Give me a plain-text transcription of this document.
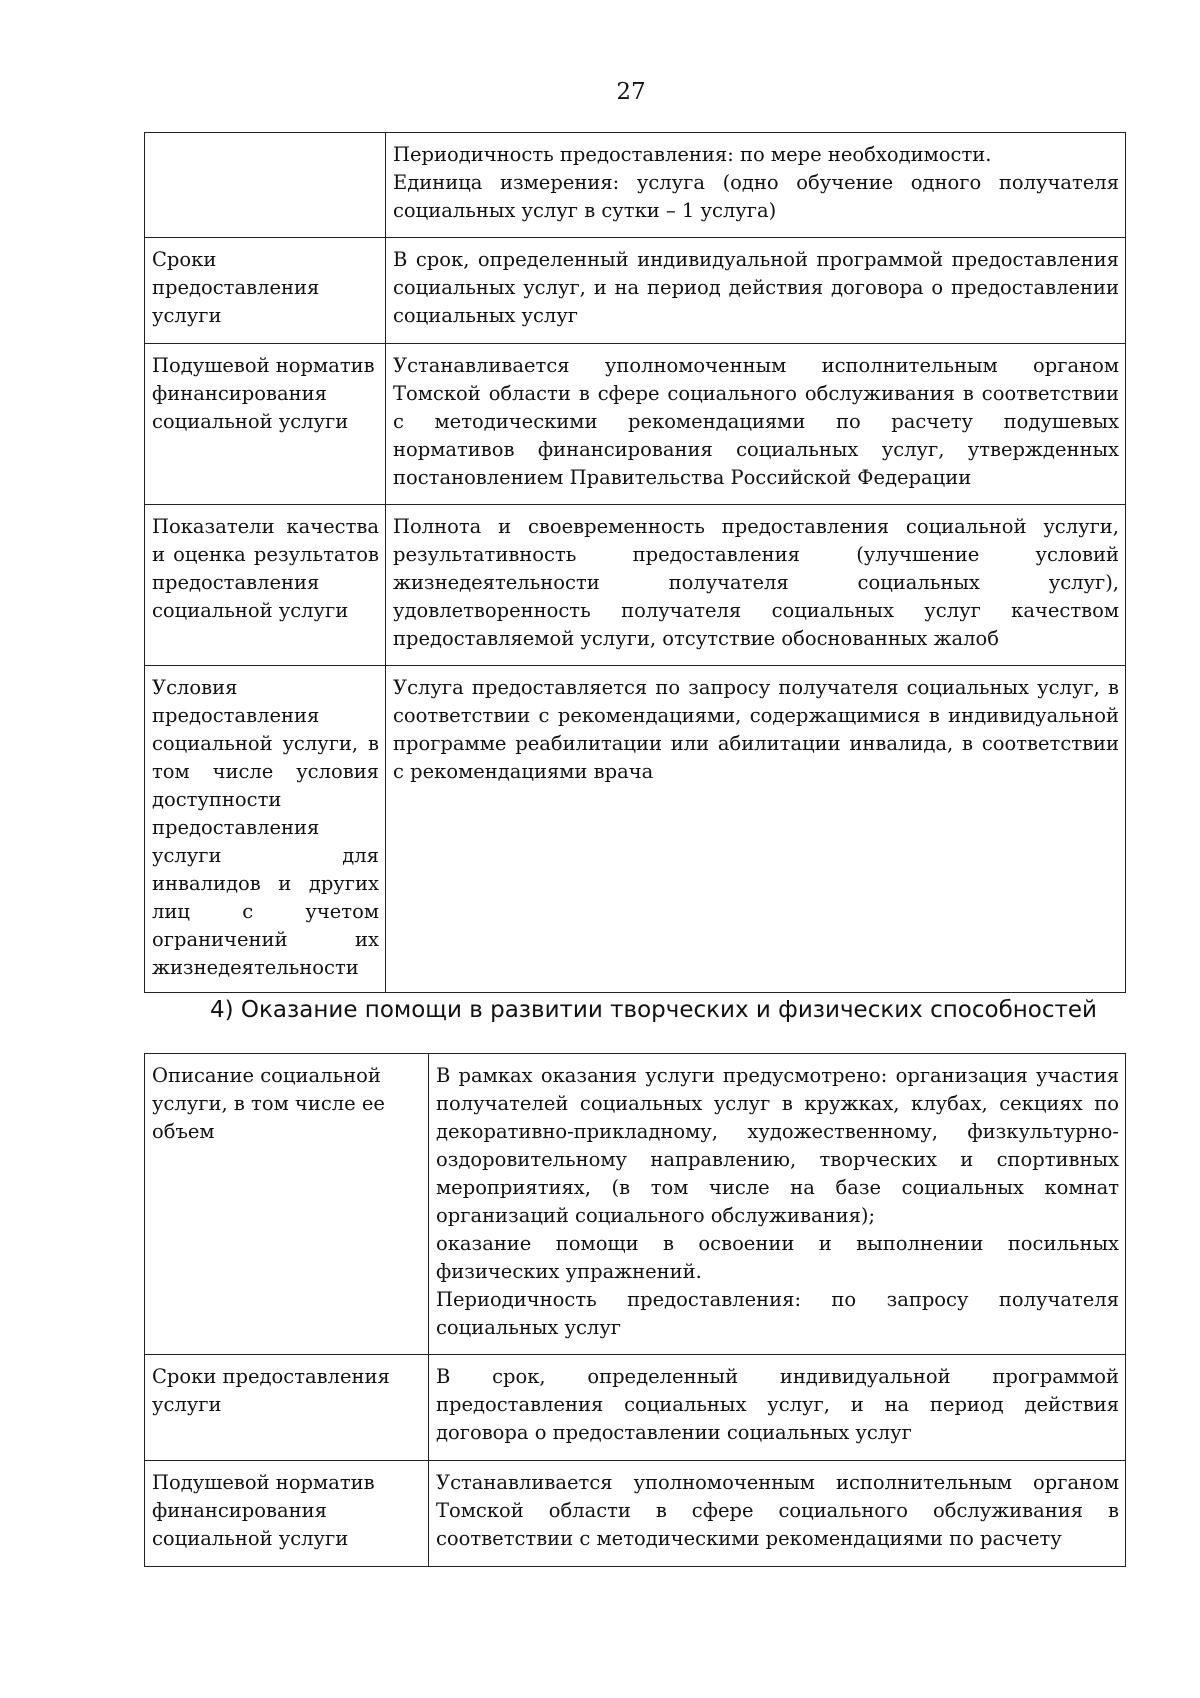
27

	Периодичность предоставления: по мере необходимости.
Единица измерения: услуга (одно обучение одного получателя социальных услуг в сутки – 1 услуга)

Сроки предоставления услуги	В срок, определенный индивидуальной программой предоставления социальных услуг, и на период действия договора о предоставлении социальных услуг
Подушевой норматив финансирования социальной услуги	Устанавливается уполномоченным исполнительным органом Томской области в сфере социального обслуживания в соответствии с методическими рекомендациями по расчету подушевых нормативов финансирования социальных услуг, утвержденных постановлением Правительства Российской Федерации
Показатели качества и оценка результатов предоставления социальной услуги	Полнота и своевременность предоставления социальной услуги, результативность предоставления (улучшение условий жизнедеятельности получателя социальных услуг), удовлетворенность получателя социальных услуг качеством предоставляемой услуги, отсутствие обоснованных жалоб
Условия предоставления социальной услуги, в том числе условия доступности предоставления услуги для инвалидов и других лиц с учетом ограничений их жизнедеятельности	Услуга предоставляется по запросу получателя социальных услуг, в соответствии с рекомендациями, содержащимися в индивидуальной программе реабилитации или абилитации инвалида, в соответствии с рекомендациями врача
4) Оказание помощи в развитии творческих и физических способностей
Описание социальной услуги, в том числе ее объем	В рамках оказания услуги предусмотрено: организация участия получателей социальных услуг в кружках, клубах, секциях по декоративно-прикладному, художественному, физкультурно-оздоровительному направлению, творческих и спортивных мероприятиях, (в том числе на базе социальных комнат организаций социального обслуживания);
оказание помощи в освоении и выполнении посильных физических упражнений.
Периодичность предоставления: по запросу получателя социальных услуг

Сроки предоставления услуги	В срок, определенный индивидуальной программой предоставления социальных услуг, и на период действия договора о предоставлении социальных услуг
Подушевой норматив финансирования социальной услуги	Устанавливается уполномоченным исполнительным органом Томской области в сфере социального обслуживания в соответствии с методическими рекомендациями по расчету
